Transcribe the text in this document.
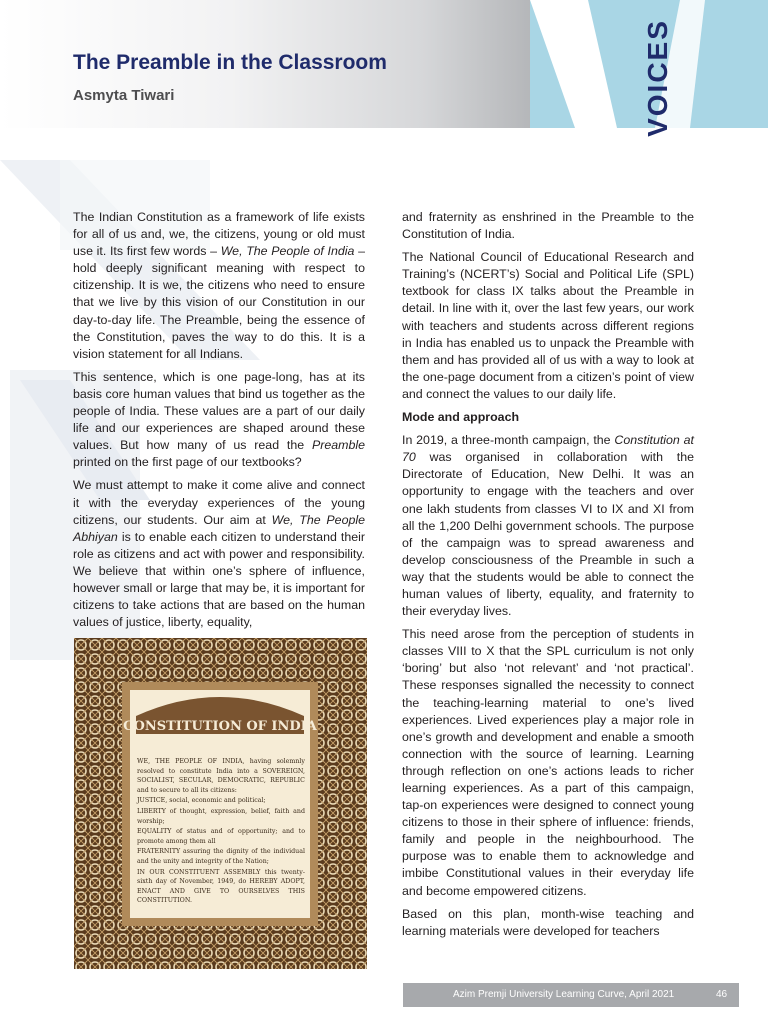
The Preamble in the Classroom
Asmyta Tiwari	VOICES

The Indian Constitution as a framework of life exists for all of us and, we, the citizens, young or old must use it. Its first few words – We, The People of India – hold deeply significant meaning with respect to citizenship. It is we, the citizens who need to ensure that we live by this vision of our Constitution in our day-to-day life. The Preamble, being the essence of the Constitution, paves the way to do this. It is a vision statement for all Indians.

This sentence, which is one page-long, has at its basis core human values that bind us together as the people of India. These values are a part of our daily life and our experiences are shaped around these values. But how many of us read the Preamble printed on the first page of our textbooks?

We must attempt to make it come alive and connect it with the everyday experiences of the young citizens, our students. Our aim at We, The People Abhiyan is to enable each citizen to understand their role as citizens and act with power and responsibility. We believe that within one’s sphere of influence, however small or large that may be, it is important for citizens to take actions that are based on the human values of justice, liberty, equality,

CONSTITUTION OF INDIA

WE, THE PEOPLE OF INDIA, having solemnly resolved to constitute India into a SOVEREIGN, SOCIALIST, SECULAR, DEMOCRATIC, REPUBLIC and to secure to all its citizens:

JUSTICE, social, economic and political;

LIBERTY of thought, expression, belief, faith and worship;

EQUALITY of status and of opportunity; and to promote among them all

FRATERNITY assuring the dignity of the individual and the unity and integrity of the Nation;

IN OUR CONSTITUENT ASSEMBLY this twenty-sixth day of November, 1949, do HEREBY ADOPT, ENACT AND GIVE TO OURSELVES THIS CONSTITUTION.

and fraternity as enshrined in the Preamble to the Constitution of India.

The National Council of Educational Research and Training’s (NCERT’s) Social and Political Life (SPL) textbook for class IX talks about the Preamble in detail. In line with it, over the last few years, our work with teachers and students across different regions in India has enabled us to unpack the Preamble with them and has provided all of us with a way to look at the one-page document from a citizen’s point of view and connect the values to our daily life.

Mode and approach

In 2019, a three-month campaign, the Constitution at 70 was organised in collaboration with the Directorate of Education, New Delhi. It was an opportunity to engage with the teachers and over one lakh students from classes VI to IX and XI from all the 1,200 Delhi government schools. The purpose of the campaign was to spread awareness and develop consciousness of the Preamble in such a way that the students would be able to connect the human values of liberty, equality, and fraternity to their everyday lives.

This need arose from the perception of students in classes VIII to X that the SPL curriculum is not only ‘boring’ but also ‘not relevant’ and ‘not practical’. These responses signalled the necessity to connect the teaching-learning material to one’s lived experiences. Lived experiences play a major role in one’s growth and development and enable a smooth connection with the source of learning. Learning through reflection on one’s actions leads to richer learning experiences. As a part of this campaign, tap-on experiences were designed to connect young citizens to those in their sphere of influence: friends, family and people in the neighbourhood. The purpose was to enable them to acknowledge and imbibe Constitutional values in their everyday life and become empowered citizens.

Based on this plan, month-wise teaching and learning materials were developed for teachers

Azim Premji University Learning Curve, April 2021	46
